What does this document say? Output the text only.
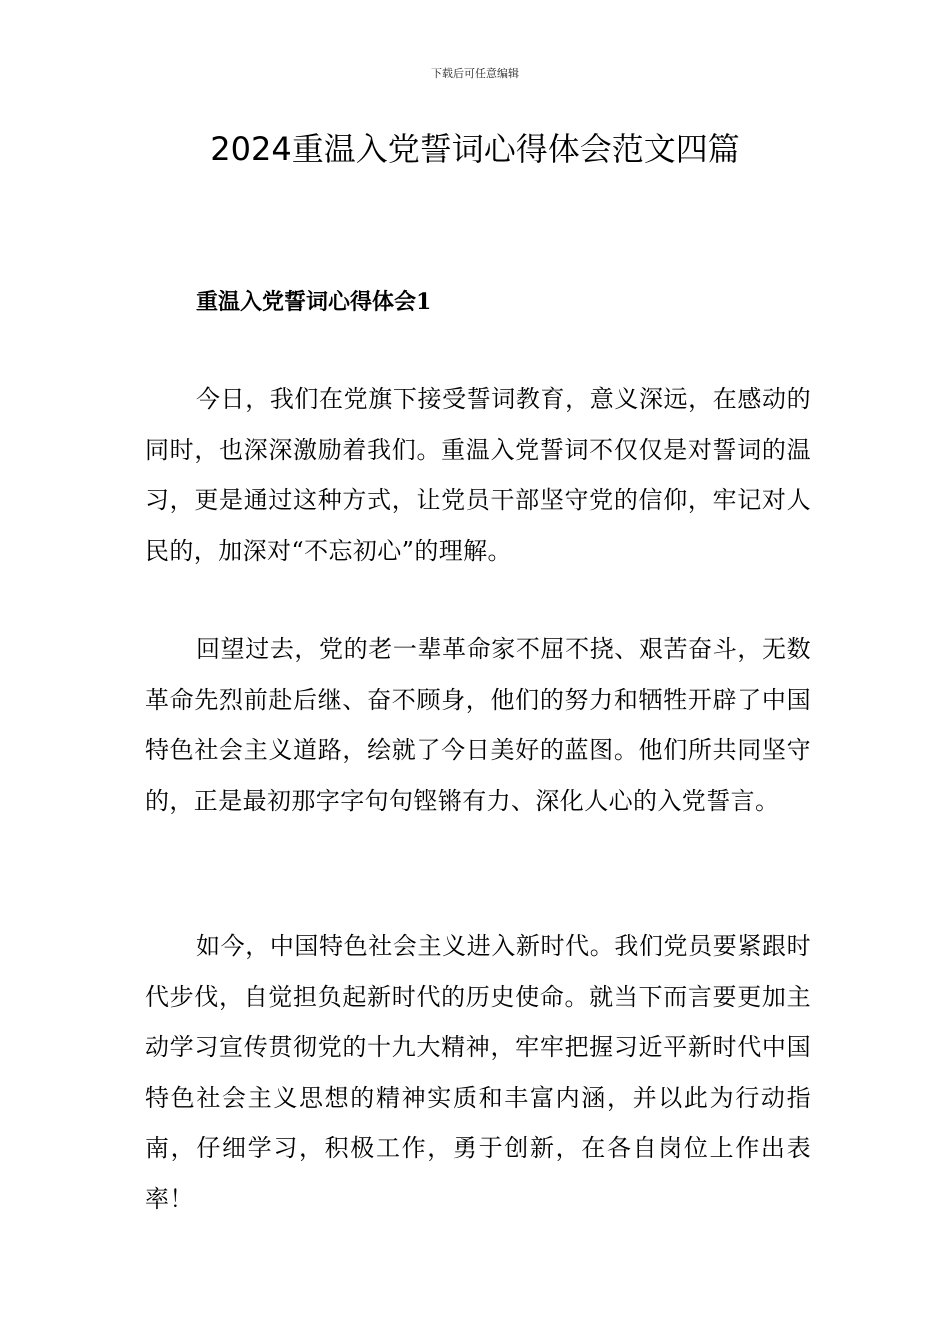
下载后可任意编辑
2024重温入党誓词心得体会范文四篇
重温入党誓词心得体会1

今日，我们在党旗下接受誓词教育，意义深远，在感动的同时，也深深激励着我们。重温入党誓词不仅仅是对誓词的温习，更是通过这种方式，让党员干部坚守党的信仰，牢记对人民的，加深对“不忘初心”的理解。

回望过去，党的老一辈革命家不屈不挠、艰苦奋斗，无数革命先烈前赴后继、奋不顾身，他们的努力和牺牲开辟了中国特色社会主义道路，绘就了今日美好的蓝图。他们所共同坚守的，正是最初那字字句句铿锵有力、深化人心的入党誓言。

如今，中国特色社会主义进入新时代。我们党员要紧跟时代步伐，自觉担负起新时代的历史使命。就当下而言要更加主动学习宣传贯彻党的十九大精神，牢牢把握习近平新时代中国特色社会主义思想的精神实质和丰富内涵，并以此为行动指南，仔细学习，积极工作，勇于创新，在各自岗位上作出表率！
